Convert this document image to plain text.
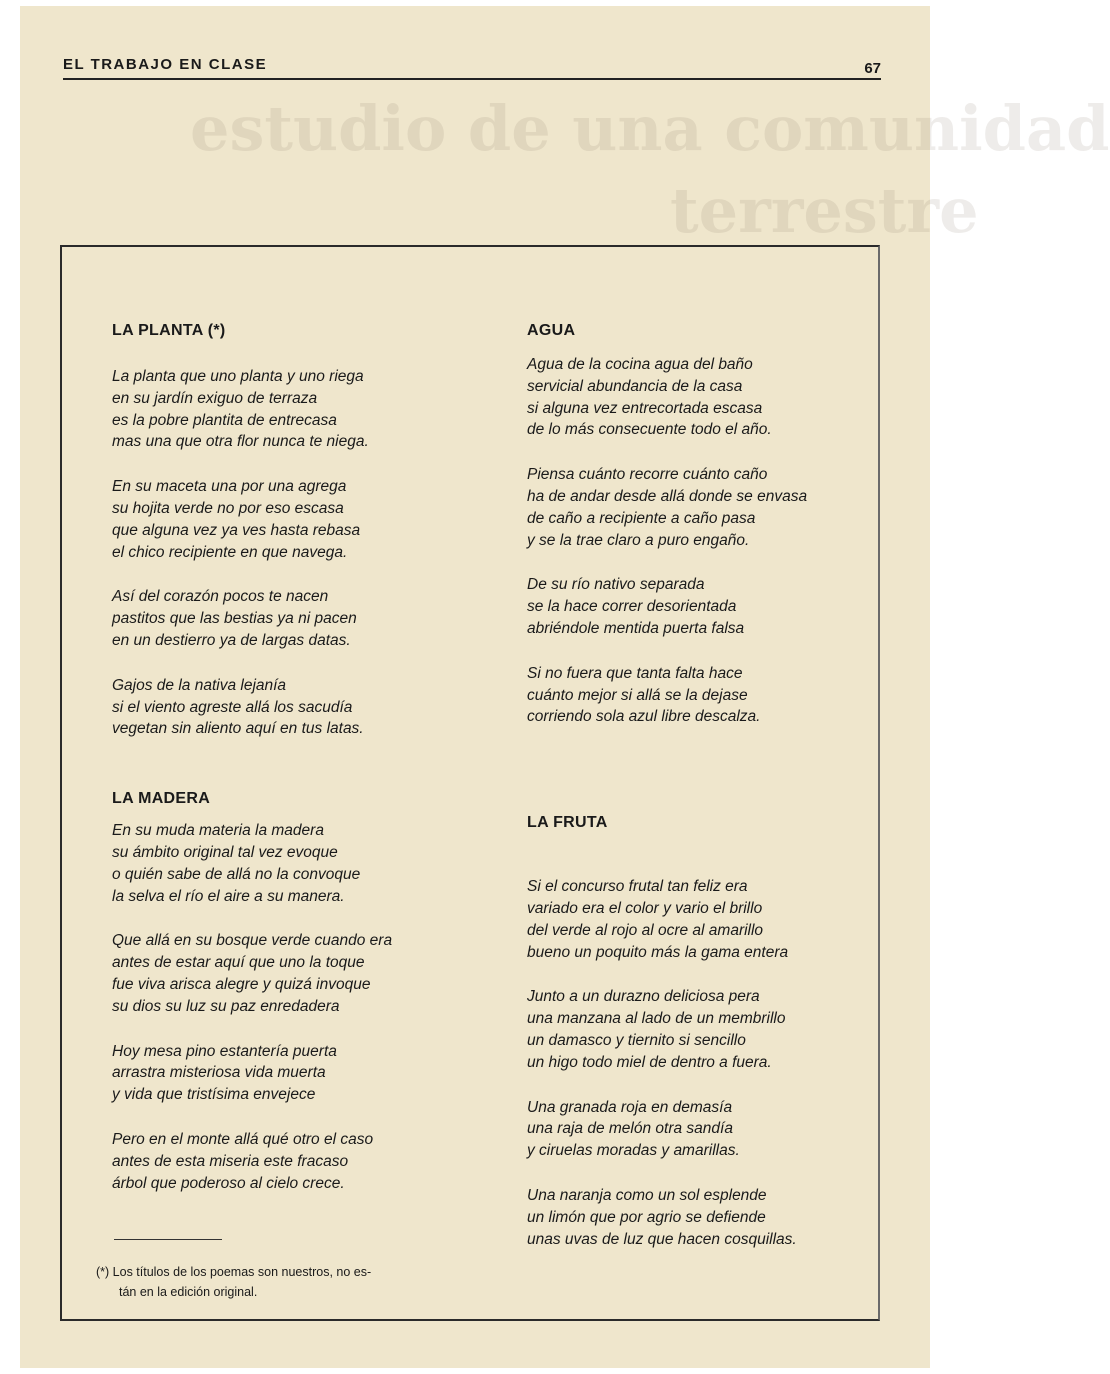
EL TRABAJO EN CLASE	67
LA PLANTA (*)
La planta que uno planta y uno riega
en su jardín exiguo de terraza
es la pobre plantita de entrecasa
mas una que otra flor nunca te niega.
En su maceta una por una agrega
su hojita verde no por eso escasa
que alguna vez ya ves hasta rebasa
el chico recipiente en que navega.
Así del corazón pocos te nacen
pastitos que las bestias ya ni pacen
en un destierro ya de largas datas.
Gajos de la nativa lejanía
si el viento agreste allá los sacudía
vegetan sin aliento aquí en tus latas.
LA MADERA
En su muda materia la madera
su ámbito original tal vez evoque
o quién sabe de allá no la convoque
la selva el río el aire a su manera.
Que allá en su bosque verde cuando era
antes de estar aquí que uno la toque
fue viva arisca alegre y quizá invoque
su dios su luz su paz enredadera
Hoy mesa pino estantería puerta
arrastra misteriosa vida muerta
y vida que tristísima envejece
Pero en el monte allá qué otro el caso
antes de esta miseria este fracaso
árbol que poderoso al cielo crece.
AGUA
Agua de la cocina agua del baño
servicial abundancia de la casa
si alguna vez entrecortada escasa
de lo más consecuente todo el año.
Piensa cuánto recorre cuánto caño
ha de andar desde allá donde se envasa
de caño a recipiente a caño pasa
y se la trae claro a puro engaño.
De su río nativo separada
se la hace correr desorientada
abriéndole mentida puerta falsa
Si no fuera que tanta falta hace
cuánto mejor si allá se la dejase
corriendo sola azul libre descalza.
LA FRUTA
Si el concurso frutal tan feliz era
variado era el color y vario el brillo
del verde al rojo al ocre al amarillo
bueno un poquito más la gama entera
Junto a un durazno deliciosa pera
una manzana al lado de un membrillo
un damasco y tiernito si sencillo
un higo todo miel de dentro a fuera.
Una granada roja en demasía
una raja de melón otra sandía
y ciruelas moradas y amarillas.
Una naranja como un sol esplende
un limón que por agrio se defiende
unas uvas de luz que hacen cosquillas.
(*) Los títulos de los poemas son nuestros, no es-
tán en la edición original.
